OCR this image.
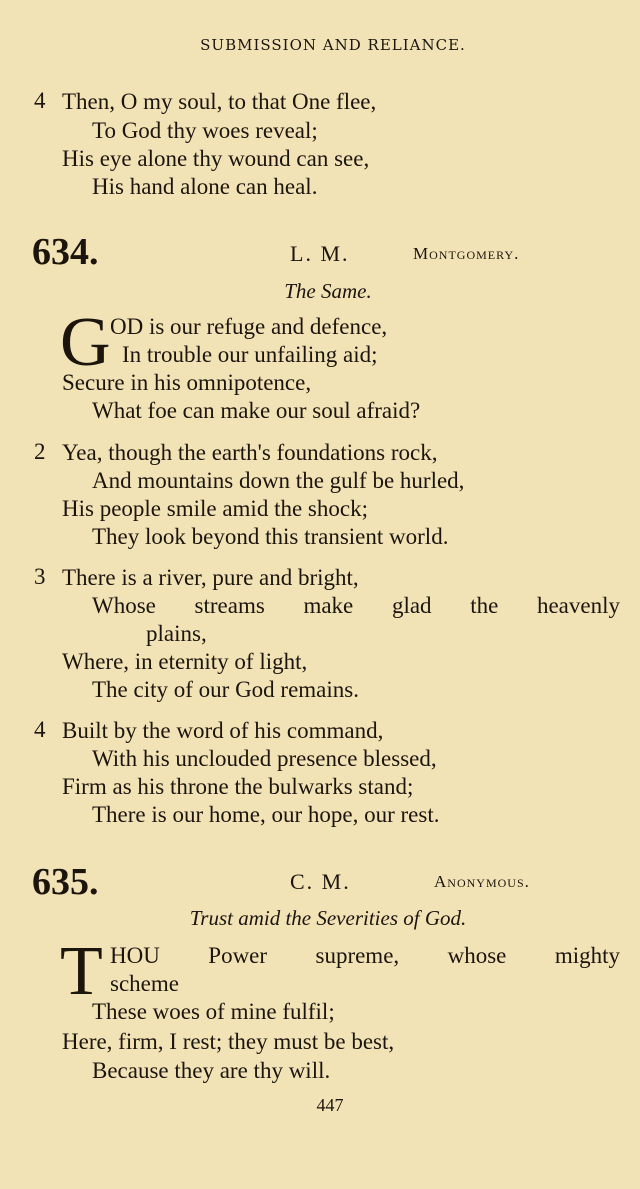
SUBMISSION AND RELIANCE.
4 Then, O my soul, to that One flee,
To God thy woes reveal;
His eye alone thy wound can see,
His hand alone can heal.
634.	L. M.	Montgomery.
The Same.
G OD is our refuge and defence,
In trouble our unfailing aid;
Secure in his omnipotence,
What foe can make our soul afraid?
2 Yea, though the earth's foundations rock,
And mountains down the gulf be hurled,
His people smile amid the shock;
They look beyond this transient world.
3 There is a river, pure and bright,
Whose streams make glad the heavenly
plains,
Where, in eternity of light,
The city of our God remains.
4 Built by the word of his command,
With his unclouded presence blessed,
Firm as his throne the bulwarks stand;
There is our home, our hope, our rest.
635.	C. M.	Anonymous.
Trust amid the Severities of God.
T HOU Power supreme, whose mighty
scheme
These woes of mine fulfil;
Here, firm, I rest; they must be best,
Because they are thy will.
447
